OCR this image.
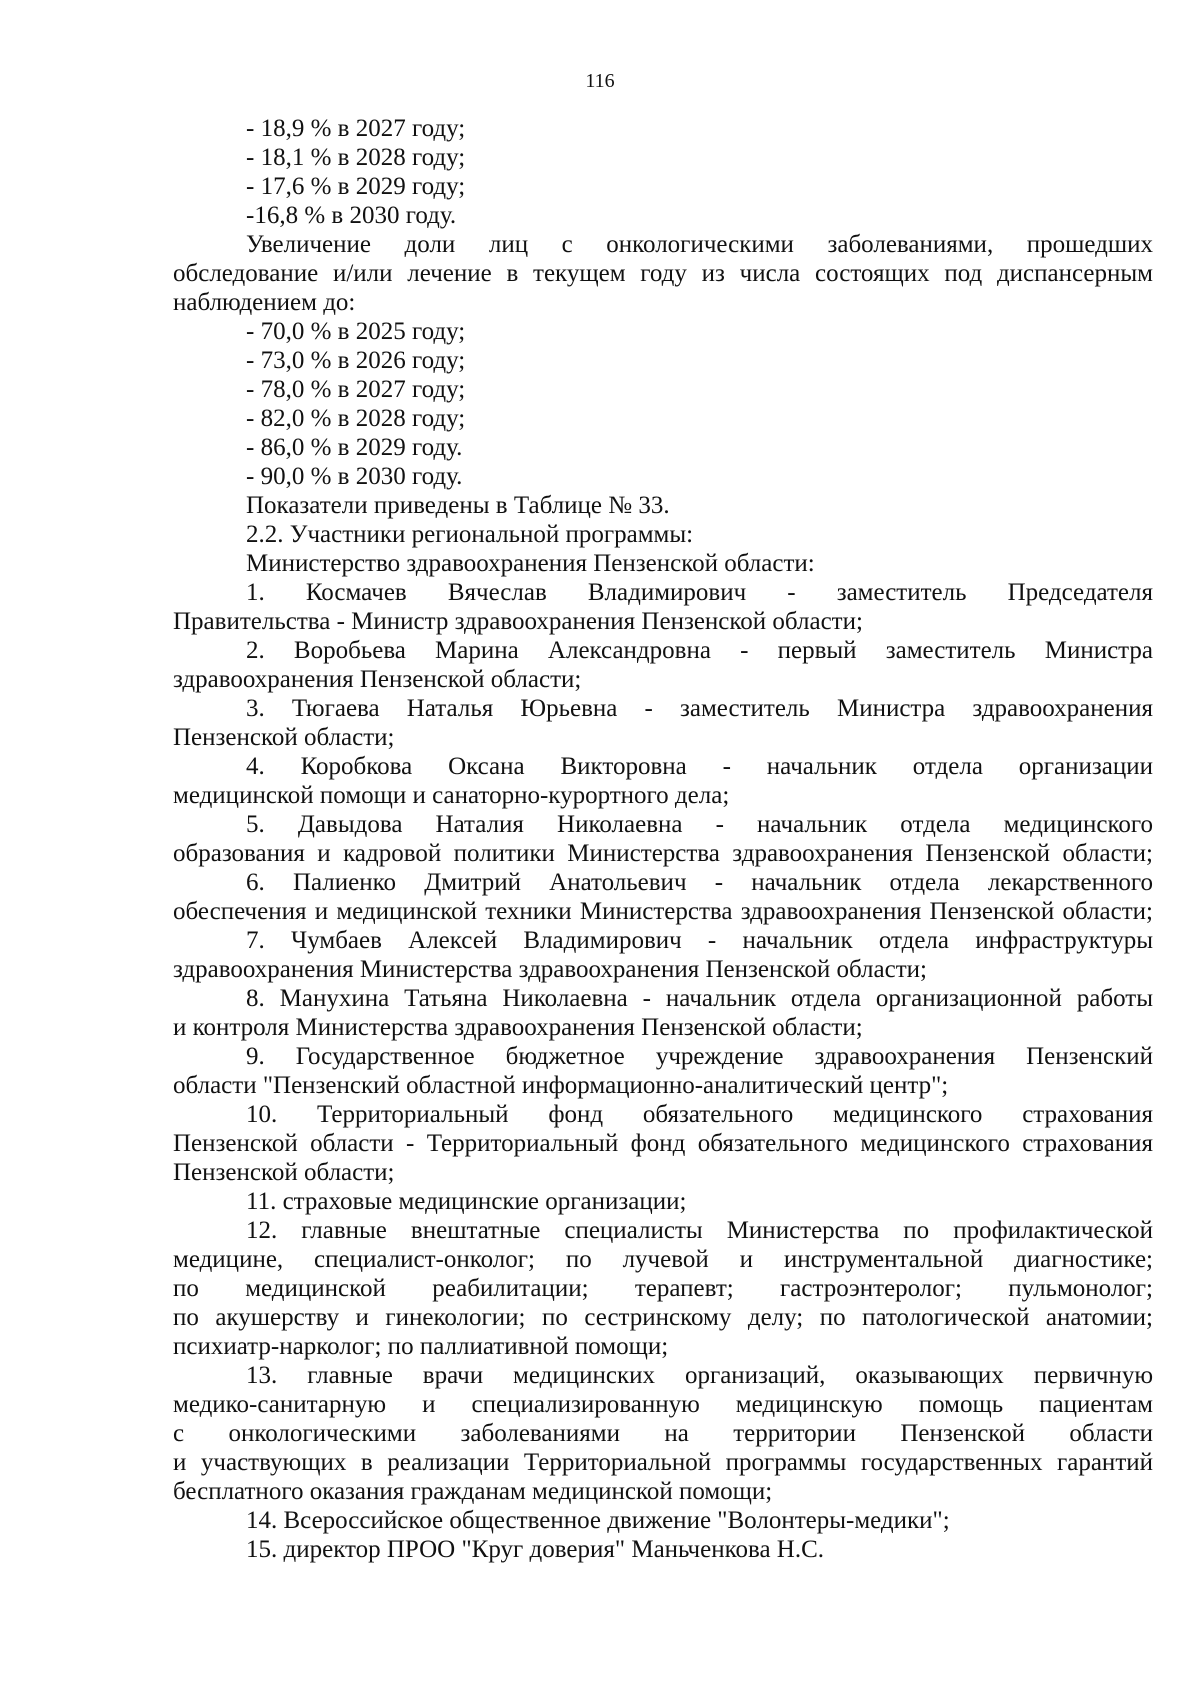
116
- 18,9 % в 2027 году;
- 18,1 % в 2028 году;
- 17,6 % в 2029 году;
-16,8 % в 2030 году.
Увеличение доли лиц с онкологическими заболеваниями, прошедших
обследование и/или лечение в текущем году из числа состоящих под диспансерным
наблюдением до:
- 70,0 % в 2025 году;
- 73,0 % в 2026 году;
- 78,0 % в 2027 году;
- 82,0 % в 2028 году;
- 86,0 % в 2029 году.
- 90,0 % в 2030 году.
Показатели приведены в Таблице № 33.
2.2. Участники региональной программы:
Министерство здравоохранения Пензенской области:
1. Космачев Вячеслав Владимирович - заместитель Председателя
Правительства - Министр здравоохранения Пензенской области;
2. Воробьева Марина Александровна - первый заместитель Министра
здравоохранения Пензенской области;
3. Тюгаева Наталья Юрьевна - заместитель Министра здравоохранения
Пензенской области;
4. Коробкова Оксана Викторовна - начальник отдела организации
медицинской помощи и санаторно-курортного дела;
5. Давыдова Наталия Николаевна - начальник отдела медицинского
образования и кадровой политики Министерства здравоохранения Пензенской области;
6. Палиенко Дмитрий Анатольевич - начальник отдела лекарственного
обеспечения и медицинской техники Министерства здравоохранения Пензенской области;
7. Чумбаев Алексей Владимирович - начальник отдела инфраструктуры
здравоохранения Министерства здравоохранения Пензенской области;
8. Манухина Татьяна Николаевна - начальник отдела организационной работы
и контроля Министерства здравоохранения Пензенской области;
9. Государственное бюджетное учреждение здравоохранения Пензенский
области "Пензенский областной информационно-аналитический центр";
10. Территориальный фонд обязательного медицинского страхования
Пензенской области - Территориальный фонд обязательного медицинского страхования
Пензенской области;
11. страховые медицинские организации;
12. главные внештатные специалисты Министерства по профилактической
медицине, специалист-онколог; по лучевой и инструментальной диагностике;
по медицинской реабилитации; терапевт; гастроэнтеролог; пульмонолог;
по акушерству и гинекологии; по сестринскому делу; по патологической анатомии;
психиатр-нарколог; по паллиативной помощи;
13. главные врачи медицинских организаций, оказывающих первичную
медико-санитарную и специализированную медицинскую помощь пациентам
с онкологическими заболеваниями на территории Пензенской области
и участвующих в реализации Территориальной программы государственных гарантий
бесплатного оказания гражданам медицинской помощи;
14. Всероссийское общественное движение "Волонтеры-медики";
15. директор ПРОО "Круг доверия" Маньченкова Н.С.
